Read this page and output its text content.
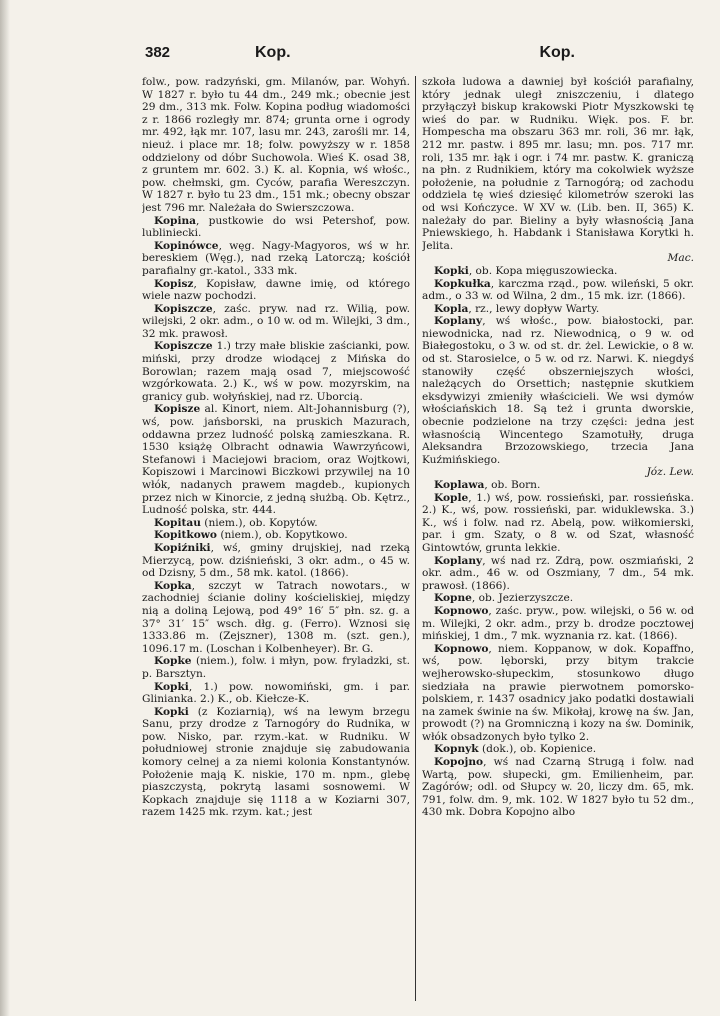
382	Kop.	Kop.

folw., pow. radzyński, gm. Milanów, par. Wohyń. W 1827 r. było tu 44 dm., 249 mk.; obecnie jest 29 dm., 313 mk. Folw. Kopina podług wiadomości z r. 1866 rozległy mr. 874; grunta orne i ogrody mr. 492, łąk mr. 107, lasu mr. 243, zarośli mr. 14, nieuż. i place mr. 18; folw. powyższy w r. 1858 oddzielony od dóbr Suchowola. Wieś K. osad 38, z gruntem mr. 602. 3.) K. al. Kopnia, wś włośc., pow. chełmski, gm. Cyców, parafia Wereszczyn. W 1827 r. było tu 23 dm., 151 mk.; obecny obszar jest 796 mr. Należała do Swierszczowa.

Kopina, pustkowie do wsi Petershof, pow. lubliniecki.

Kopinówce, węg. Nagy-Magyoros, wś w hr. bereskiem (Węg.), nad rzeką Latorczą; kościół parafialny gr.-katol., 333 mk.

Kopisz, Kopisław, dawne imię, od którego wiele nazw pochodzi.

Kopiszcze, zaśc. pryw. nad rz. Wilią, pow. wilejski, 2 okr. adm., o 10 w. od m. Wilejki, 3 dm., 32 mk. prawosł.

Kopiszcze 1.) trzy małe bliskie zaścianki, pow. miński, przy drodze wiodącej z Mińska do Borowlan; razem mają osad 7, miejscowość wzgórkowata. 2.) K., wś w pow. mozyrskim, na granicy gub. wołyńskiej, nad rz. Uborcią.

Kopisze al. Kinort, niem. Alt-Johannisburg (?), wś, pow. jańsborski, na pruskich Mazurach, oddawna przez ludność polską zamieszkana. R. 1530 książę Olbracht odnawia Wawrzyńcowi, Stefanowi i Maciejowi braciom, oraz Wojtkowi, Kopiszowi i Marcinowi Biczkowi przywilej na 10 włók, nadanych prawem magdeb., kupionych przez nich w Kinorcie, z jedną służbą. Ob. Kętrz., Ludność polska, str. 444.

Kopitau (niem.), ob. Kopytów.

Kopitkowo (niem.), ob. Kopytkowo.

Kopiźniki, wś, gminy drujskiej, nad rzeką Mierzycą, pow. dziśnieński, 3 okr. adm., o 45 w. od Dzisny, 5 dm., 58 mk. katol. (1866).

Kopka, szczyt w Tatrach nowotars., w zachodniej ścianie doliny kościeliskiej, między nią a doliną Lejową, pod 49° 16′ 5″ płn. sz. g. a 37° 31′ 15″ wsch. dłg. g. (Ferro). Wznosi się 1333.86 m. (Zejszner), 1308 m. (szt. gen.), 1096.17 m. (Loschan i Kolbenheyer). Br. G.

Kopke (niem.), folw. i młyn, pow. fryladzki, st. p. Barsztyn.

Kopki, 1.) pow. nowomiński, gm. i par. Glinianka. 2.) K., ob. Kiełcze-K.

Kopki (z Koziarnią), wś na lewym brzegu Sanu, przy drodze z Tarnogóry do Rudnika, w pow. Nisko, par. rzym.-kat. w Rudniku. W południowej stronie znajduje się zabudowania komory celnej a za niemi kolonia Konstantynów. Położenie mają K. niskie, 170 m. npm., glebę piaszczystą, pokrytą lasami sosnowemi. W Kopkach znajduje się 1118 a w Koziarni 307, razem 1425 mk. rzym. kat.; jest

szkoła ludowa a dawniej był kościół parafialny, który jednak uległ zniszczeniu, i dlatego przyłączył biskup krakowski Piotr Myszkowski tę wieś do par. w Rudniku. Więk. pos. F. br. Hompescha ma obszaru 363 mr. roli, 36 mr. łąk, 212 mr. pastw. i 895 mr. lasu; mn. pos. 717 mr. roli, 135 mr. łąk i ogr. i 74 mr. pastw. K. graniczą na płn. z Rudnikiem, który ma cokolwiek wyższe położenie, na południe z Tarnogórą; od zachodu oddziela tę wieś dziesięć kilometrów szeroki las od wsi Kończyce. W XV w. (Lib. ben. II, 365) K. należały do par. Bieliny a były własnością Jana Pniewskiego, h. Habdank i Stanisława Korytki h. Jelita.

Mac.

Kopki, ob. Kopa mięguszowiecka.

Kopkułka, karczma rząd., pow. wileński, 5 okr. adm., o 33 w. od Wilna, 2 dm., 15 mk. izr. (1866).

Kopla, rz., lewy dopływ Warty.

Koplany, wś włośc., pow. białostocki, par. niewodnicka, nad rz. Niewodnicą, o 9 w. od Białegostoku, o 3 w. od st. dr. żel. Lewickie, o 8 w. od st. Starosielce, o 5 w. od rz. Narwi. K. niegdyś stanowiły część obszerniejszych włości, należących do Orsettich; następnie skutkiem eksdywizyi zmieniły właścicieli. We wsi dymów włościańskich 18. Są też i grunta dworskie, obecnie podzielone na trzy części: jedna jest własnością Wincentego Szamotułły, druga Aleksandra Brzozowskiego, trzecia Jana Kuźmińskiego.

Józ. Lew.

Koplawa, ob. Born.

Kople, 1.) wś, pow. rossieński, par. rossieńska. 2.) K., wś, pow. rossieński, par. widuklewska. 3.) K., wś i folw. nad rz. Abelą, pow. wiłkomierski, par. i gm. Szaty, o 8 w. od Szat, własność Gintowtów, grunta lekkie.

Koplany, wś nad rz. Zdrą, pow. oszmiański, 2 okr. adm., 46 w. od Oszmiany, 7 dm., 54 mk. prawosł. (1866).

Kopne, ob. Jezierzyszcze.

Kopnowo, zaśc. pryw., pow. wilejski, o 56 w. od m. Wilejki, 2 okr. adm., przy b. drodze pocztowej mińskiej, 1 dm., 7 mk. wyznania rz. kat. (1866).

Kopnowo, niem. Koppanow, w dok. Kopaffno, wś, pow. lęborski, przy bitym trakcie wejherowsko-słupeckim, stosunkowo długo siedziała na prawie pierwotnem pomorsko-polskiem, r. 1437 osadnicy jako podatki dostawiali na zamek świnie na św. Mikołaj, krowę na św. Jan, prowodt (?) na Gromniczną i kozy na św. Dominik, włók obsadzonych było tylko 2.

Kopnyk (dok.), ob. Kopienice.

Kopojno, wś nad Czarną Strugą i folw. nad Wartą, pow. słupecki, gm. Emilienheim, par. Zagórów; odl. od Słupcy w. 20, liczy dm. 65, mk. 791, folw. dm. 9, mk. 102. W 1827 było tu 52 dm., 430 mk. Dobra Kopojno albo
